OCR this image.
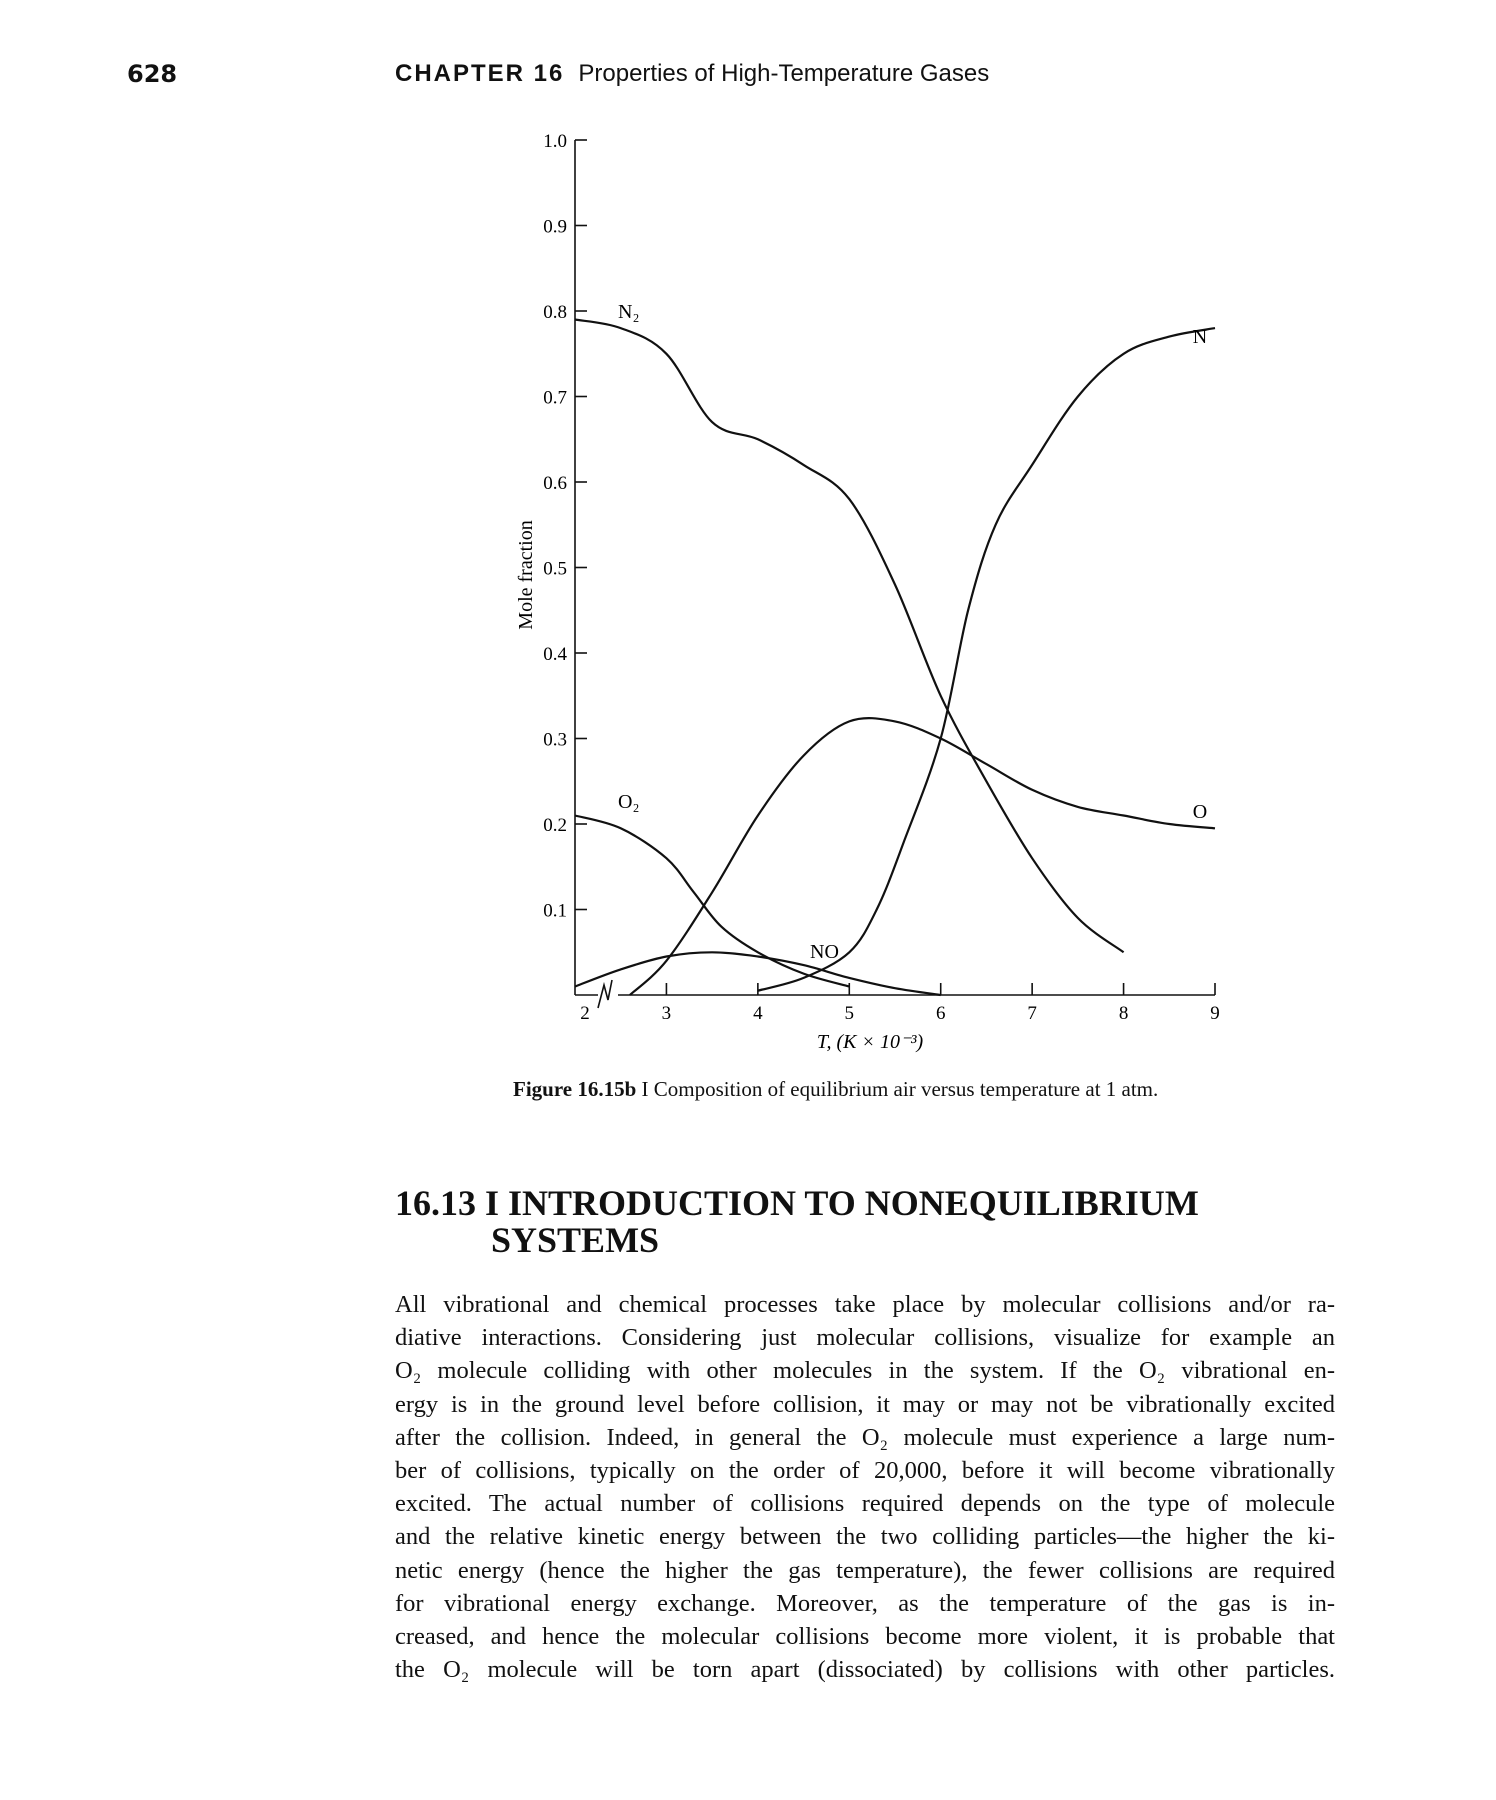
628	CHAPTER 16 Properties of High-Temperature Gases
0.1
0.2
0.3
0.4
0.5
0.6
0.7
0.8
0.9
1.0
2	3	4	5	6	7	8	9
T, (K × 10⁻³)
Mole fraction
N₂
O₂
NO
O
N
Figure 16.15b I Composition of equilibrium air versus temperature at 1 atm.
16.13 I INTRODUCTION TO NONEQUILIBRIUM
SYSTEMS
All vibrational and chemical processes take place by molecular collisions and/or ra-
diative interactions. Considering just molecular collisions, visualize for example an
O₂ molecule colliding with other molecules in the system. If the O₂ vibrational en-
ergy is in the ground level before collision, it may or may not be vibrationally excited
after the collision. Indeed, in general the O₂ molecule must experience a large num-
ber of collisions, typically on the order of 20,000, before it will become vibrationally
excited. The actual number of collisions required depends on the type of molecule
and the relative kinetic energy between the two colliding particles—the higher the ki-
netic energy (hence the higher the gas temperature), the fewer collisions are required
for vibrational energy exchange. Moreover, as the temperature of the gas is in-
creased, and hence the molecular collisions become more violent, it is probable that
the O₂ molecule will be torn apart (dissociated) by collisions with other particles.
